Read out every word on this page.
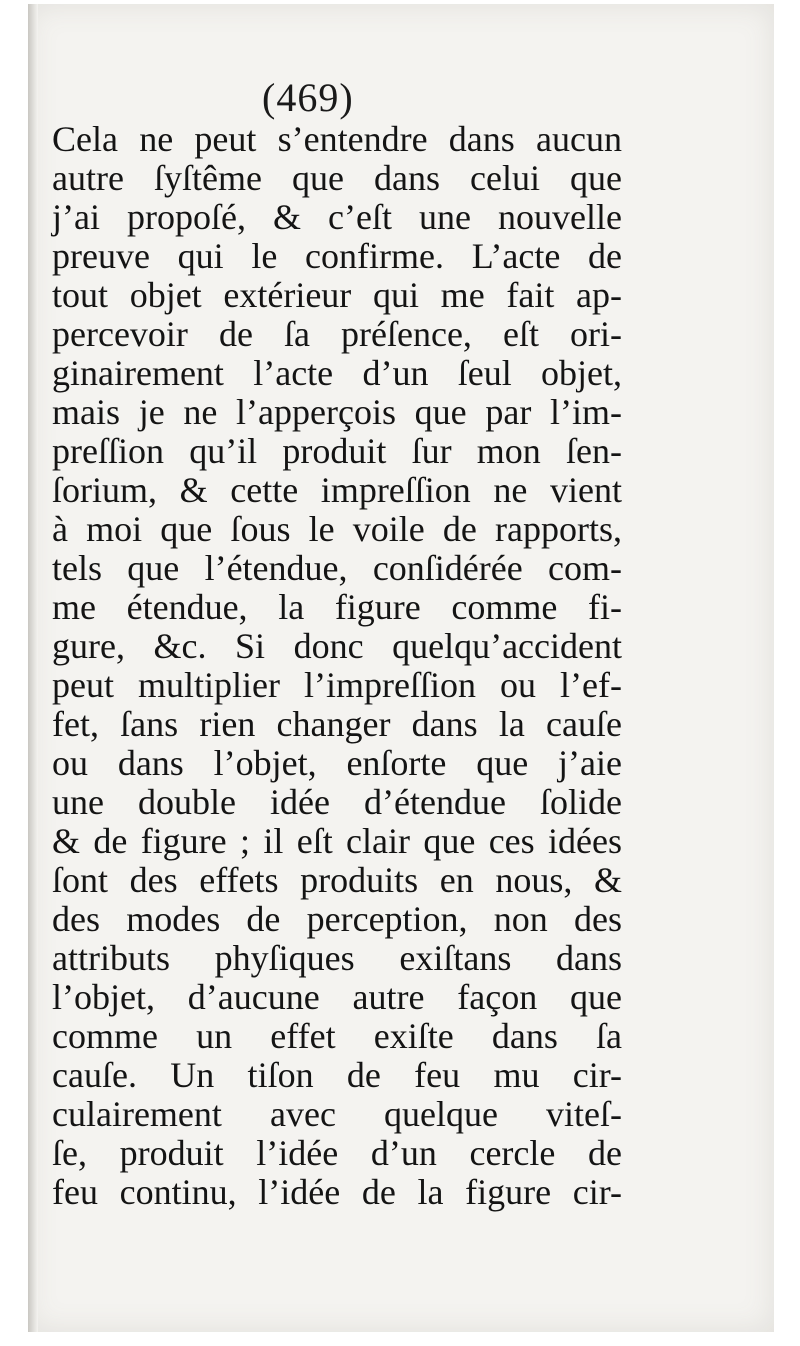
(469)
Cela ne peut s’entendre dans aucun
autre ſyſtême que dans celui que
j’ai propoſé, & c’eſt une nouvelle
preuve qui le confirme. L’acte de
tout objet extérieur qui me fait ap-
percevoir de ſa préſence, eſt ori-
ginairement l’acte d’un ſeul objet,
mais je ne l’apperçois que par l’im-
preſſion qu’il produit ſur mon ſen-
ſorium, & cette impreſſion ne vient
à moi que ſous le voile de rapports,
tels que l’étendue, conſidérée com-
me étendue, la figure comme fi-
gure, &c. Si donc quelqu’accident
peut multiplier l’impreſſion ou l’ef-
fet, ſans rien changer dans la cauſe
ou dans l’objet, enſorte que j’aie
une double idée d’étendue ſolide
& de figure ; il eſt clair que ces idées
ſont des effets produits en nous, &
des modes de perception, non des
attributs phyſiques exiſtans dans
l’objet, d’aucune autre façon que
comme un effet exiſte dans ſa
cauſe. Un tiſon de feu mu cir-
culairement avec quelque viteſ-
ſe, produit l’idée d’un cercle de
feu continu, l’idée de la figure cir-
